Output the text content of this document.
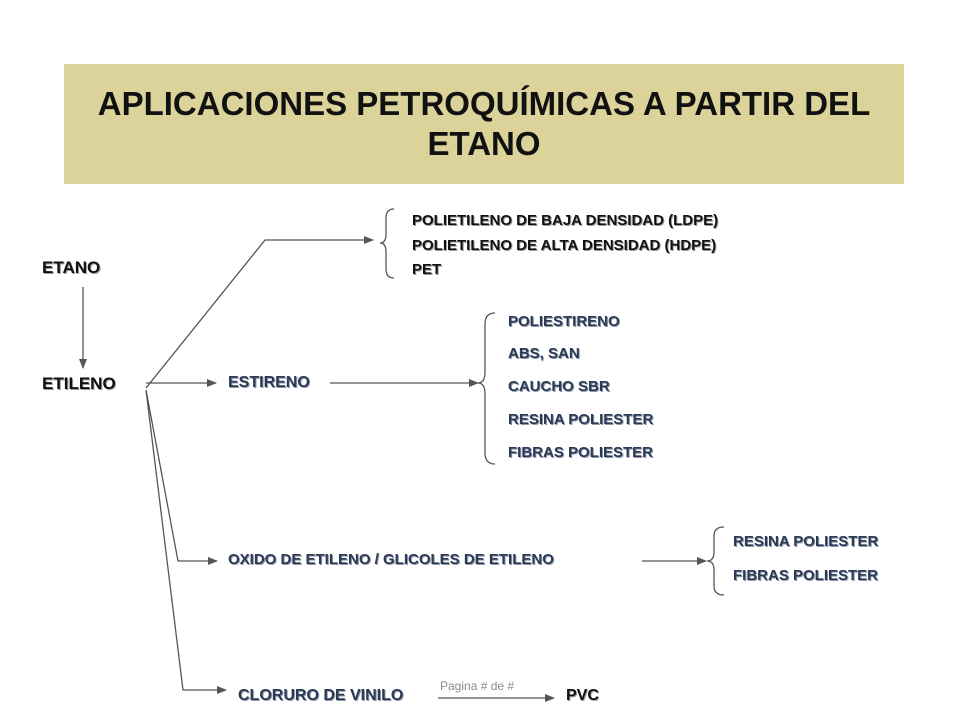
APLICACIONES PETROQUÍMICAS A PARTIR DEL ETANO
ETANO
ETILENO	ESTIRENO
OXIDO DE ETILENO / GLICOLES DE ETILENO
CLORURO DE VINILO	PVC
POLIETILENO DE BAJA DENSIDAD (LDPE)
POLIETILENO DE ALTA DENSIDAD (HDPE)
PET
POLIESTIRENO
ABS, SAN
CAUCHO SBR
RESINA POLIESTER
FIBRAS POLIESTER
RESINA POLIESTER
FIBRAS POLIESTER
Pagina # de #
